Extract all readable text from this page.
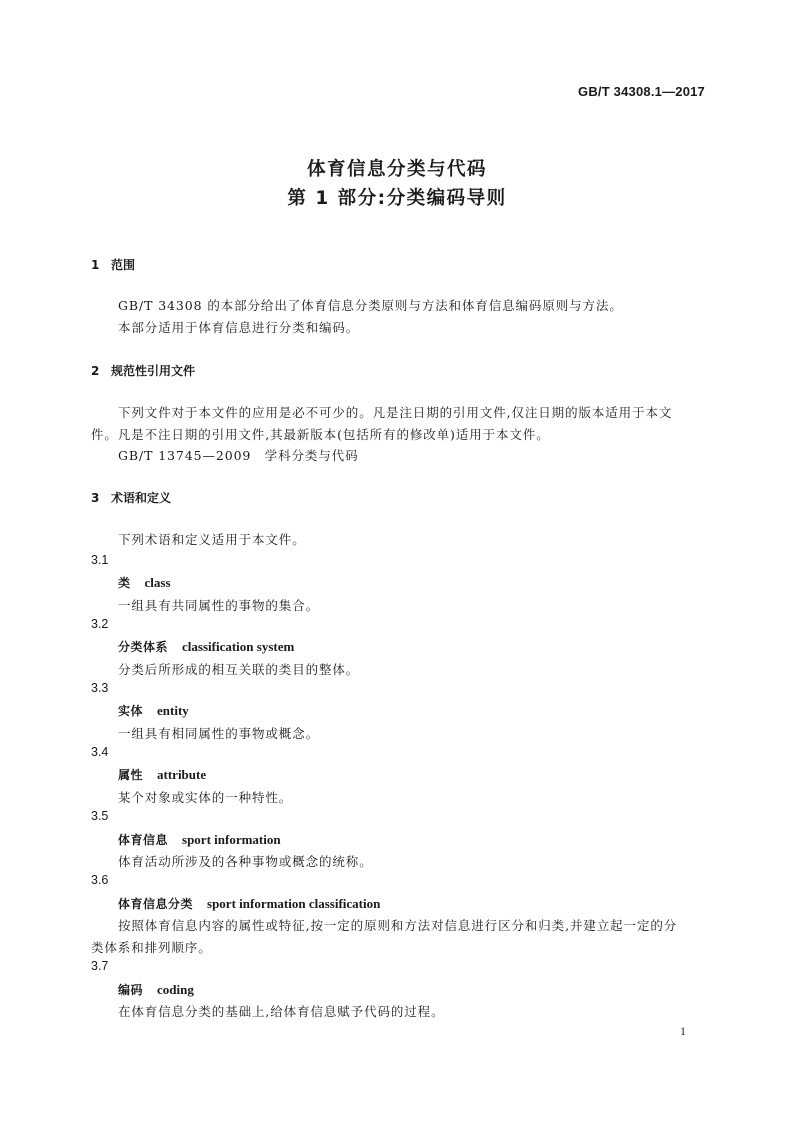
GB/T 34308.1—2017
体育信息分类与代码
第 1 部分:分类编码导则
1 范围
GB/T 34308 的本部分给出了体育信息分类原则与方法和体育信息编码原则与方法。
本部分适用于体育信息进行分类和编码。
2 规范性引用文件
下列文件对于本文件的应用是必不可少的。凡是注日期的引用文件,仅注日期的版本适用于本文
件。凡是不注日期的引用文件,其最新版本(包括所有的修改单)适用于本文件。
GB/T 13745—2009　学科分类与代码
3 术语和定义
下列术语和定义适用于本文件。
3.1
类 class
一组具有共同属性的事物的集合。
3.2
分类体系 classification system
分类后所形成的相互关联的类目的整体。
3.3
实体 entity
一组具有相同属性的事物或概念。
3.4
属性 attribute
某个对象或实体的一种特性。
3.5
体育信息 sport information
体育活动所涉及的各种事物或概念的统称。
3.6
体育信息分类 sport information classification
按照体育信息内容的属性或特征,按一定的原则和方法对信息进行区分和归类,并建立起一定的分
类体系和排列顺序。
3.7
编码 coding
在体育信息分类的基础上,给体育信息赋予代码的过程。
1
